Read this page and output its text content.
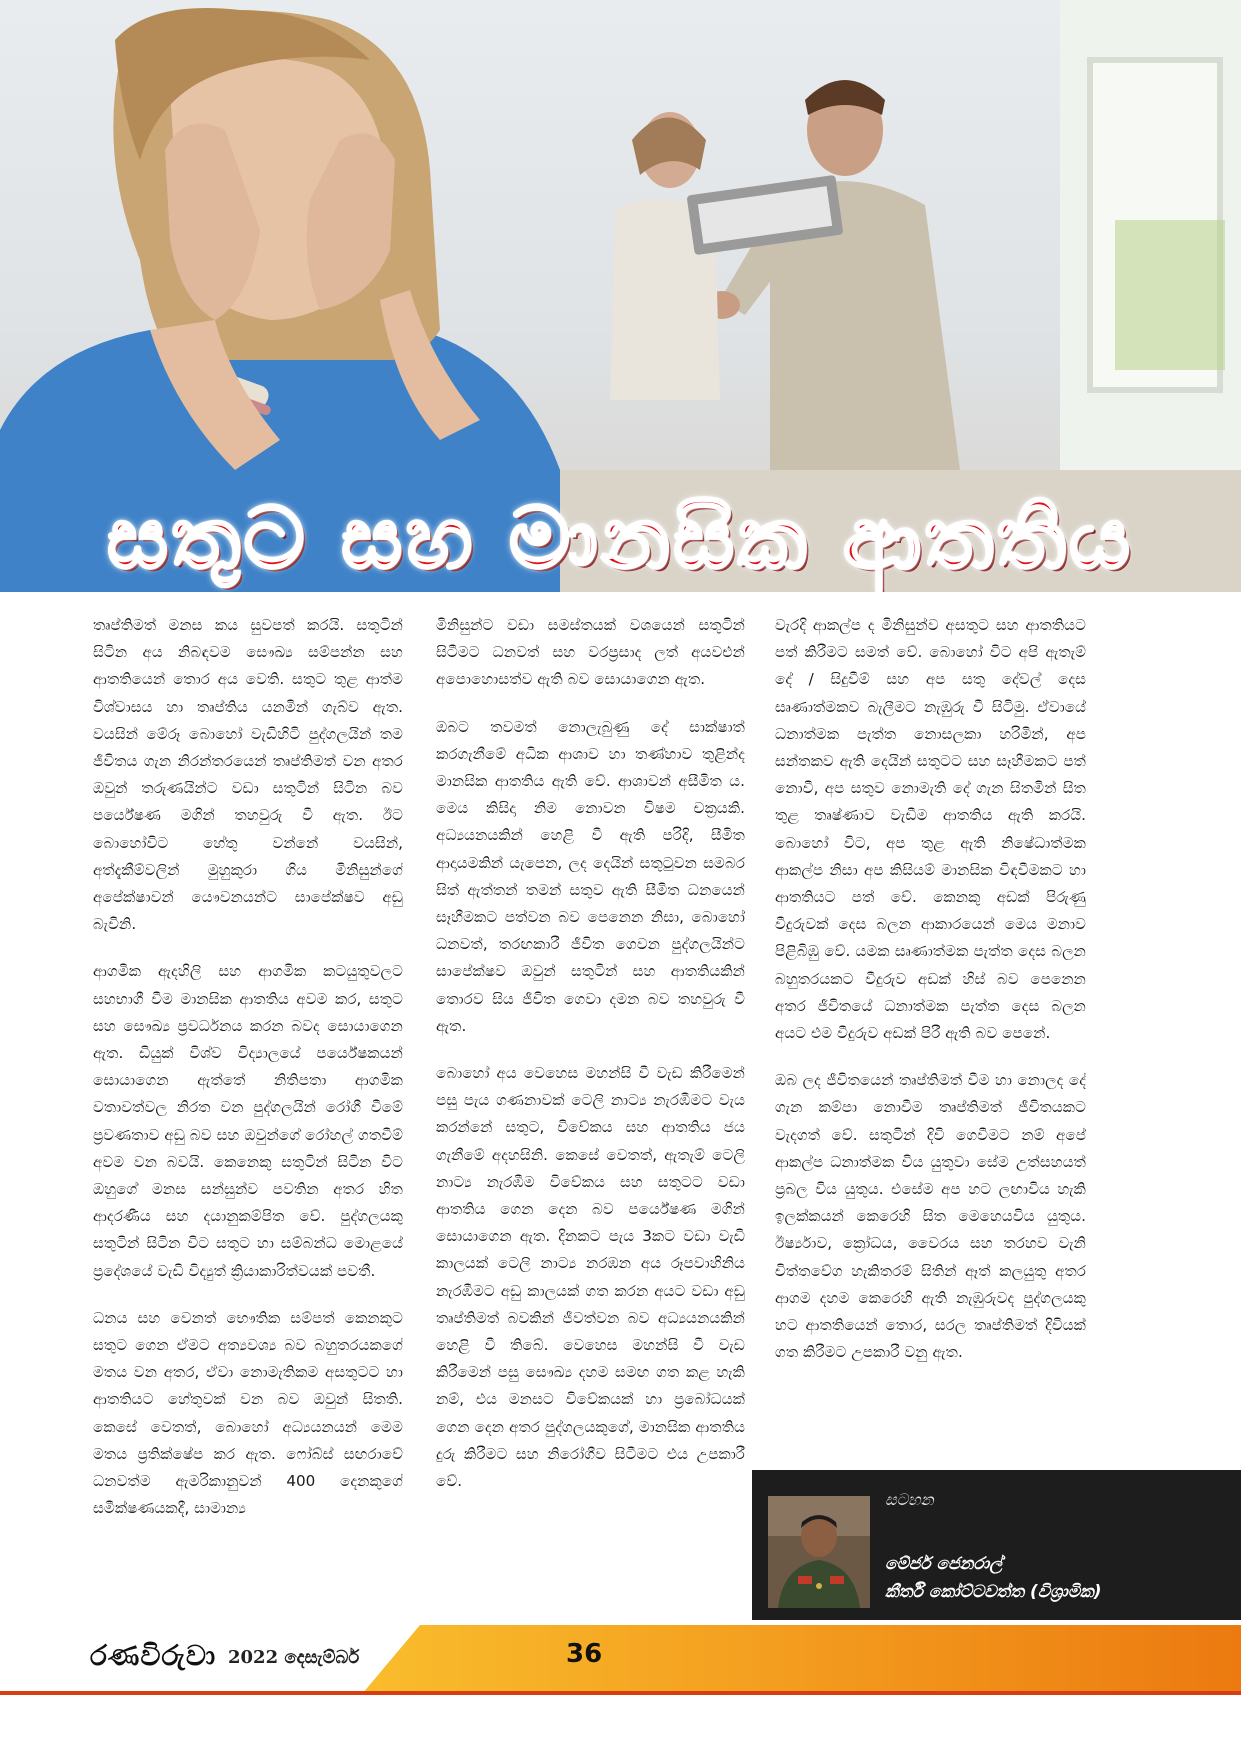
සතුට සහ මානසික ආතතිය

තෘප්තිමත් මනස කය සුවපත් කරයි. සතුටින් සිටින අය නිබඳවම සෞඛ්‍ය සම්පන්න සහ ආතතියෙන් තොර අය වෙති. සතුට තුළ ආත්ම විශ්වාසය හා තෘප්තිය යනමින් ගැබ්ව ඇත. වයසින් මේරූ බොහෝ වැඩිහිටි පුද්ගලයින් තම ජීවිතය ගැන නිරන්තරයෙන් තෘප්තිමත් වන අතර ඔවුන් තරුණයින්ට වඩා සතුටින් සිටින බව පර්යේෂණ මගින් තහවුරු වී ඇත. ඊට බොහෝවිට හේතු වන්නේ වයසින්, අත්දැකීම්වලින් මුහුකුරා ගිය මිනිසුන්ගේ අපේක්ෂාවන් යෞවනයන්ට සාපේක්ෂව අඩු බැවිනි.

ආගමික ඇදහිලි සහ ආගමික කටයුතුවලට සහභාගී වීම මානසික ආතතිය අවම කර, සතුට සහ සෞඛ්‍ය ප්‍රවර්ධනය කරන බවද සොයාගෙන ඇත. ඩියුක් විශ්ව විද්‍යාලයේ පර්යේෂකයන් සොයාගෙන ඇත්තේ නිතිපතා ආගමික වතාවත්වල නිරත වන පුද්ගලයින් රෝගී වීමේ ප්‍රවණතාව අඩු බව සහ ඔවුන්ගේ රෝහල් ගතවීම් අවම වන බවයි. කෙනෙකු සතුටින් සිටින විට ඔහුගේ මනස සන්සුන්ව පවතින අතර හිත ආදරණීය සහ දයානුකම්පිත වේ. පුද්ගලයකු සතුටින් සිටින විට සතුට හා සම්බන්ධ මොළයේ ප්‍රදේශයේ වැඩි විද්‍යුත් ක්‍රියාකාරිත්වයක් පවතී.

ධනය සහ වෙනත් භෞතික සම්පත් කෙනකුට සතුට ගෙන ඒමට අත්‍යවශ්‍ය බව බහුතරයකගේ මතය වන අතර, ඒවා නොමැතිකම අසතුටට හා ආතතියට හේතුවක් වන බව ඔවුන් සිතති. කෙසේ වෙතත්, බොහෝ අධ්‍යයනයන් මෙම මතය ප්‍රතික්ෂේප කර ඇත. ෆෝබ්ස් සඟරාවේ ධනවත්ම ඇමරිකානුවන් 400 දෙනකුගේ සමීක්ෂණයකදී, සාමාන්‍ය

මිනිසුන්ට වඩා සමස්තයක් වශයෙන් සතුටින් සිටීමට ධනවත් සහ වරප්‍රසාද ලත් අයවළුන් අපොහොසත්ව ඇති බව සොයාගෙන ඇත.

ඔබට තවමත් නොලැබුණු දේ සාක්ෂාත් කරගැනීමේ අධික ආශාව හා තණ්හාව තුළින්ද මානසික ආතතිය ඇති වේ. ආශාවන් අසීමිත ය. මෙය කිසිදා නිම නොවන විෂම චක්‍රයකි. අධ්‍යයනයකින් හෙළි වී ඇති පරිදි, සීමිත ආදායමකින් යැපෙන, ලද දෙයින් සතුටුවන සමබර සිත් ඇත්තන් තමන් සතුව ඇති සීමිත ධනයෙන් සෑහීමකට පත්වන බව පෙනෙන නිසා, බොහෝ ධනවත්, තරඟකාරී ජීවිත ගෙවන පුද්ගලයින්ට සාපේක්ෂව ඔවුන් සතුටින් සහ ආතතියකින් තොරව සිය ජීවිත ගෙවා දමන බව තහවුරු වී ඇත.

බොහෝ අය වෙහෙස මහන්සි වී වැඩ කිරීමෙන් පසු පැය ගණනාවක් ටෙලි නාට්‍ය නැරඹීමට වැය කරන්නේ සතුට, විවේකය සහ ආතතිය ජය ගැනීමේ අදහසිනි. කෙසේ වෙතත්, ඇතැම් ටෙලි නාට්‍ය නැරඹීම විවේකය සහ සතුටට වඩා ආතතිය ගෙන දෙන බව පර්යේෂණ මගින් සොයාගෙන ඇත. දිනකට පැය 3කට වඩා වැඩි කාලයක් ටෙලි නාට්‍ය නරඹන අය රූපවාහිනිය නැරඹීමට අඩු කාලයක් ගත කරන අයට වඩා අඩු තෘප්තිමත් බවකින් ජීවත්වන බව අධ්‍යයනයකින් හෙළි වී තිබේ. වෙහෙස මහන්සි වී වැඩ කිරීමෙන් පසු සෞඛ්‍ය දහම සමඟ ගත කළ හැකි නම්, එය මනසට විවේකයක් හා ප්‍රබෝධයක් ගෙන දෙන අතර පුද්ගලයකුගේ, මානසික ආතතිය දුරු කිරීමට සහ නිරෝගීව සිටීමට එය උපකාරී වේ.

වැරදි ආකල්ප ද මිනිසුන්ව අසතුට සහ ආතතියට පත් කිරීමට සමත් වේ. බොහෝ විට අපි ඇතැම් දේ / සිදුවීම් සහ අප සතු දේවල් දෙස සෘණාත්මකව බැලීමට නැඹුරු වී සිටිමු. ඒවායේ ධනාත්මක පැත්ත නොසලකා හරිමින්, අප සන්තකව ඇති දෙයින් සතුටට සහ සෑහීමකට පත් නොවී, අප සතුව නොමැති දේ ගැන සිතමින් සිත තුළ තෘෂ්ණාව වැඩීම ආතතිය ඇති කරයි. බොහෝ විට, අප තුළ ඇති නිෂේධාත්මක ආකල්ප නිසා අප කිසියම් මානසික විඳවීමකට හා ආතතියට පත් වේ. කෙනකු අඩක් පිරුණු වීදුරුවක් දෙස බලන ආකාරයෙන් මෙය මනාව පිළිබිඹු වේ. යමක සෘණාත්මක පැත්ත දෙස බලන බහුතරයකට වීදුරුව අඩක් හිස් බව පෙනෙන අතර ජීවිතයේ ධනාත්මක පැත්ත දෙස බලන අයට එම වීදුරුව අඩක් පිරී ඇති බව පෙනේ.

ඔබ ලද ජීවිතයෙන් තෘප්තිමත් වීම හා නොලද දේ ගැන කම්පා නොවීම තෘප්තිමත් ජීවිතයකට වැදගත් වේ. සතුටින් දිවි ගෙවීමට නම් අපේ ආකල්ප ධනාත්මක විය යුතුවා සේම උත්සහයත් ප්‍රබල විය යුතුය. එසේම අප හට ලඟාවිය හැකි ඉලක්කයන් කෙරෙහි සිත මෙහෙයවිය යුතුය. ඊර්ෂ්‍යාව, ක්‍රෝධය, වෛරය සහ තරහව වැනි චිත්තවේග හැකිතරම් සිතින් ඈත් කලයුතු අතර ආගම දහම කෙරෙහි ඇති නැඹුරුවද පුද්ගලයකු හට ආතතියෙන් තොර, සරල තෘප්තිමත් දිවියක් ගත කිරීමට උපකාරී වනු ඇත.

සටහන
මේජර් ජෙනරාල්
කීර්ති කෝට්ටවත්ත (විශ්‍රාමික)
රණවිරුවා 2022 දෙසැම්බර්	36
